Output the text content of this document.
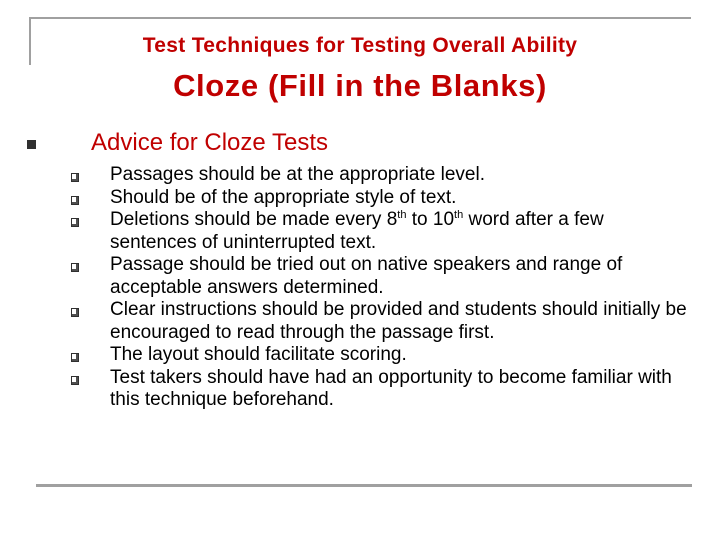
Test Techniques for Testing Overall Ability
Cloze (Fill in the Blanks)
Advice for Cloze Tests
Passages should be at the appropriate level.
Should be of the appropriate style of text.
Deletions should be made every 8th to 10th word after a few sentences of uninterrupted text.
Passage should be tried out on native speakers and range of acceptable answers determined.
Clear instructions should be provided and students should initially be encouraged to read through the passage first.
The layout should facilitate scoring.
Test takers should have had an opportunity to become familiar with this technique beforehand.
